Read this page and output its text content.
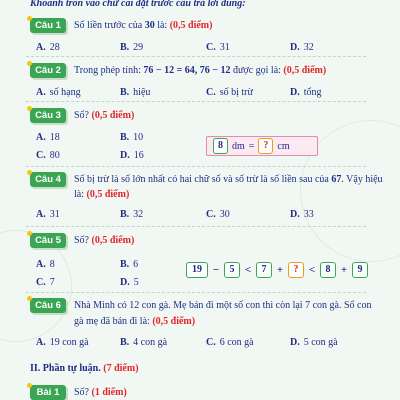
Khoanh tròn vào chữ cái đặt trước câu trả lời đúng:
Câu 1	Số liền trước của 30 là: (0,5 điểm)
A. 28	B. 29	C. 31	D. 32
Câu 2	Trong phép tính: 76 − 12 = 64, 76 − 12 được gọi là: (0,5 điểm)
A. số hạng	B. hiệu	C. số bị trừ	D. tổng
Câu 3	Số? (0,5 điểm)
A. 18	B. 10
C. 80	D. 16
8 dm = ? cm
Câu 4	Số bị trừ là số lớn nhất có hai chữ số và số trừ là số liền sau của 67. Vậy hiệu
là: (0,5 điểm)
A. 31	B. 32	C. 30	D. 33
Câu 5	Số? (0,5 điểm)
A. 8	B. 6
C. 7	D. 5
19 −	5 <	7 +	? <	8 +	9
Câu 6	Nhà Minh có 12 con gà. Mẹ bán đi một số con thì còn lại 7 con gà. Số con
gà mẹ đã bán đi là: (0,5 điểm)
A. 19 con gà	B. 4 con gà	C. 6 con gà	D. 5 con gà
II. Phần tự luận. (7 điểm)
Bài 1	Số? (1 điểm)
